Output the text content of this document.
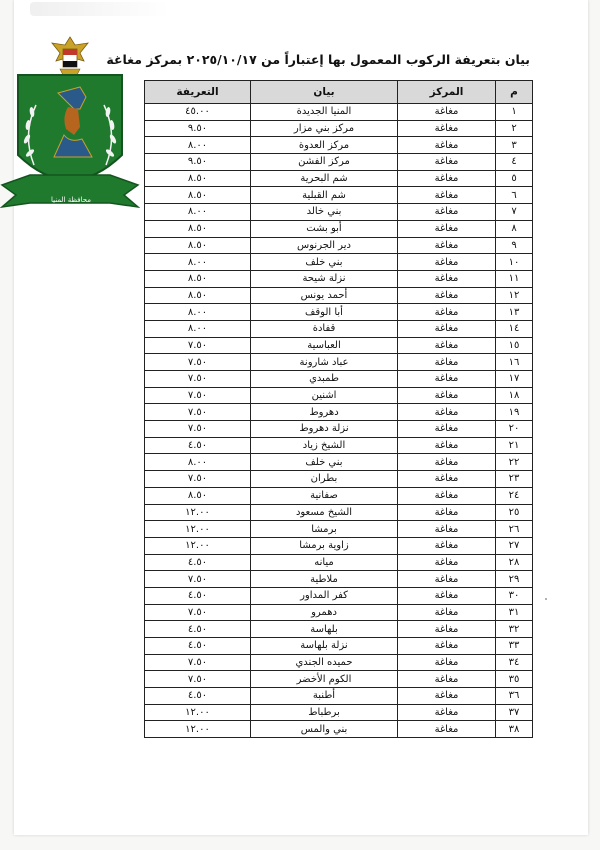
محافظة المنيا
بيان بتعريفة الركوب المعمول بها إعتباراً من ٢٠٢٥/١٠/١٧ بمركز مغاغة
م	المركز	بيان	التعريفة
١	مغاغة	المنيا الجديدة	٤٥.٠٠
٢	مغاغة	مركز بني مزار	٩.٥٠
٣	مغاغة	مركز العدوة	٨.٠٠
٤	مغاغة	مركز الفشن	٩.٥٠
٥	مغاغة	شم البحرية	٨.٥٠
٦	مغاغة	شم القبلية	٨.٥٠
٧	مغاغة	بني خالد	٨.٠٠
٨	مغاغة	أبو بشت	٨.٥٠
٩	مغاغة	دير الجرنوس	٨.٥٠
١٠	مغاغة	بني خلف	٨.٠٠
١١	مغاغة	نزلة شيحة	٨.٥٠
١٢	مغاغة	أحمد يونس	٨.٥٠
١٣	مغاغة	أبا الوقف	٨.٠٠
١٤	مغاغة	قفادة	٨.٠٠
١٥	مغاغة	العباسية	٧.٥٠
١٦	مغاغة	عباد شارونة	٧.٥٠
١٧	مغاغة	طمبدي	٧.٥٠
١٨	مغاغة	اشنين	٧.٥٠
١٩	مغاغة	دهروط	٧.٥٠
٢٠	مغاغة	نزلة دهروط	٧.٥٠
٢١	مغاغة	الشيخ زياد	٤.٥٠
٢٢	مغاغة	بني خلف	٨.٠٠
٢٣	مغاغة	بطران	٧.٥٠
٢٤	مغاغة	صفانية	٨.٥٠
٢٥	مغاغة	الشيخ مسعود	١٢.٠٠
٢٦	مغاغة	برمشا	١٢.٠٠
٢٧	مغاغة	زاوية برمشا	١٢.٠٠
٢٨	مغاغة	ميانه	٤.٥٠
٢٩	مغاغة	ملاطية	٧.٥٠
٣٠	مغاغة	كفر المداور	٤.٥٠
٣١	مغاغة	دهمرو	٧.٥٠
٣٢	مغاغة	بلهاسة	٤.٥٠
٣٣	مغاغة	نزلة بلهاسة	٤.٥٠
٣٤	مغاغة	حميده الجندي	٧.٥٠
٣٥	مغاغة	الكوم الأخضر	٧.٥٠
٣٦	مغاغة	أطنبة	٤.٥٠
٣٧	مغاغة	برطباط	١٢.٠٠
٣٨	مغاغة	بني والمس	١٢.٠٠
